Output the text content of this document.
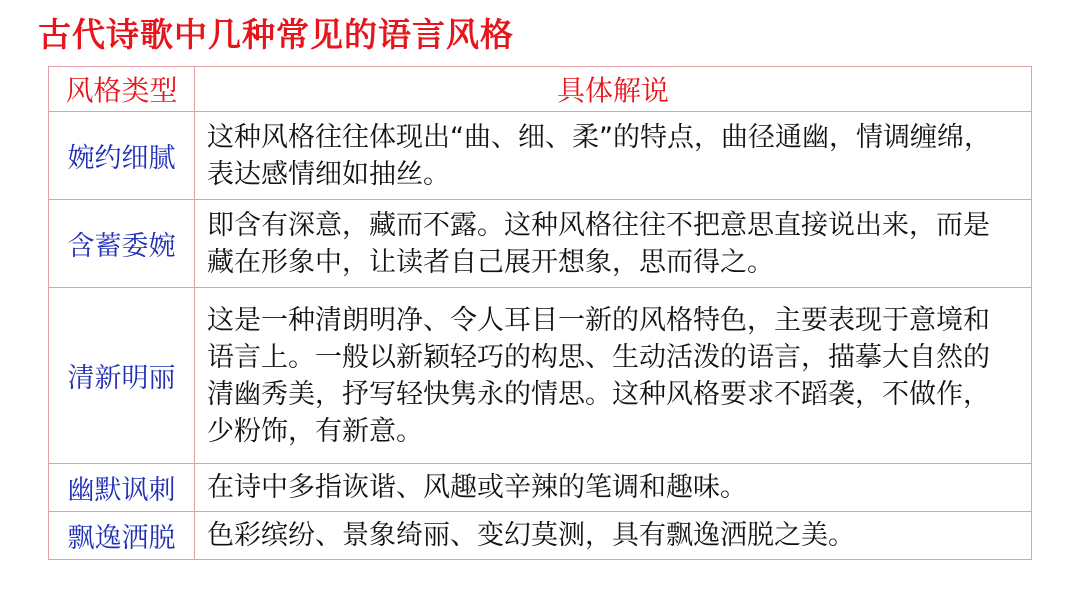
古代诗歌中几种常见的语言风格
风格类型	具体解说
婉约细腻	这种风格往往体现出“曲、细、柔”的特点，曲径通幽，情调缠绵，表达感情细如抽丝。

含蓄委婉	即含有深意，藏而不露。这种风格往往不把意思直接说出来，而是藏在形象中，让读者自己展开想象，思而得之。

清新明丽	这是一种清朗明净、令人耳目一新的风格特色，主要表现于意境和语言上。一般以新颖轻巧的构思、生动活泼的语言，描摹大自然的清幽秀美，抒写轻快隽永的情思。这种风格要求不蹈袭，不做作，少粉饰，有新意。

幽默讽刺	在诗中多指诙谐、风趣或辛辣的笔调和趣味。

飘逸洒脱	色彩缤纷、景象绮丽、变幻莫测，具有飘逸洒脱之美。
